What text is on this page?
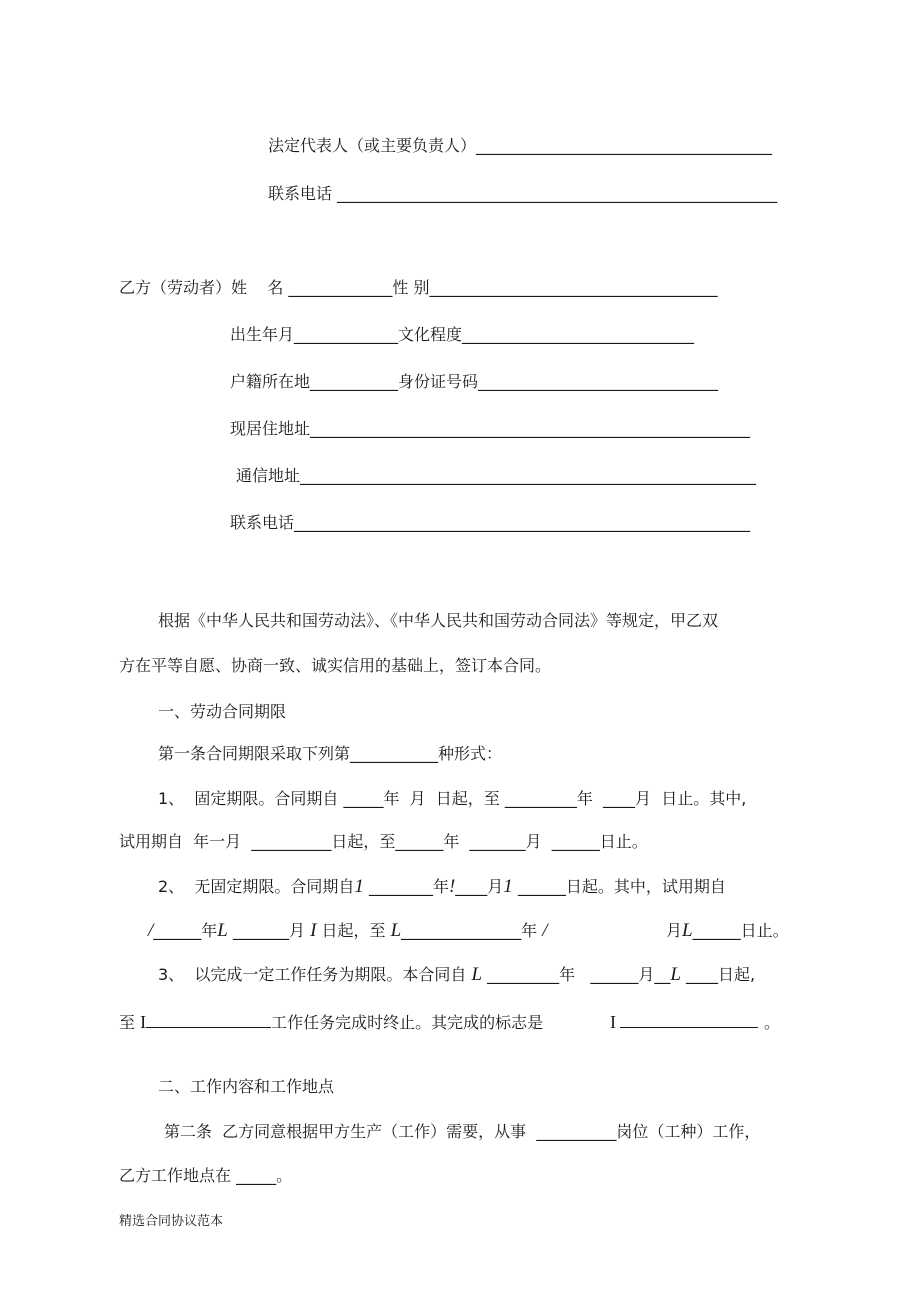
法定代表人（或主要负责人）_____________________________________

联系电话 _______________________________________________________

乙方（劳动者）姓    名 _____________性 别____________________________________

出生年月_____________文化程度_____________________________

户籍所在地___________身份证号码______________________________

现居住地址_______________________________________________________

通信地址_________________________________________________________

联系电话_________________________________________________________

根据《中华人民共和国劳动法》、《中华人民共和国劳动合同法》等规定，甲乙双

方在平等自愿、协商一致、诚实信用的基础上，签订本合同。

一、劳动合同期限

第一条合同期限采取下列第___________种形式：

1、  固定期限。合同期自 _____年  月  日起，至 _________年  ____月  日止。其中,

试用期自  年一月  __________日起，至______年  _______月  ______日止。

2、  无固定期限。合同期自1 ________年!____月1 ______日起。其中，试用期自

/______年L _______月 I 日起，至 L_______________年 /	月L______日止。

3、  以完成一定工作任务为期限。本合同自 L _________年   ______月__L ____日起,

至 I	工作任务完成时终止。其完成的标志是	I	。

二、工作内容和工作地点

第二条  乙方同意根据甲方生产（工作）需要，从事  __________岗位（工种）工作，

乙方工作地点在 _____。

精选合同协议范本
